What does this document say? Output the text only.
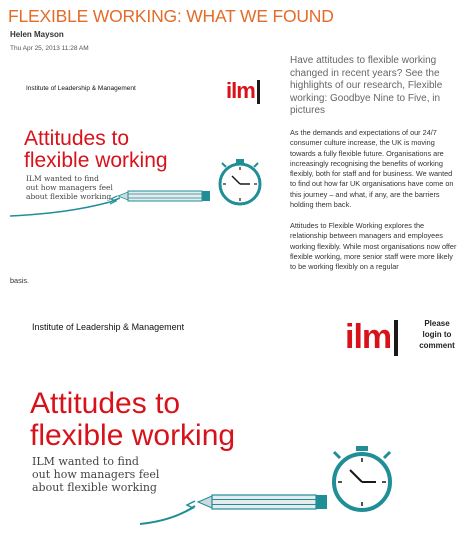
FLEXIBLE WORKING: WHAT WE FOUND
Helen Mayson
Thu Apr 25, 2013 11:28 AM
Institute of Leadership & Management	ilm
Attitudes to
flexible working
ILM wanted to find
out how managers feel
about flexible working
Have attitudes to flexible working changed in recent years? See the highlights of our research, Flexible working: Goodbye Nine to Five, in pictures
As the demands and expectations of our 24/7 consumer culture increase, the UK is moving towards a fully flexible future. Organisations are increasingly recognising the benefits of working flexibly, both for staff and for business. We wanted to find out how far UK organisations have come on this journey – and what, if any, are the barriers holding them back.
Attitudes to Flexible Working explores the relationship between managers and employees working flexibly. While most organisations now offer flexible working, more senior staff were more likely to be working flexibly on a regular
basis.
Institute of Leadership & Management	ilm
Attitudes to
flexible working
ILM wanted to find
out how managers feel
about flexible working
Please
login to
comment
